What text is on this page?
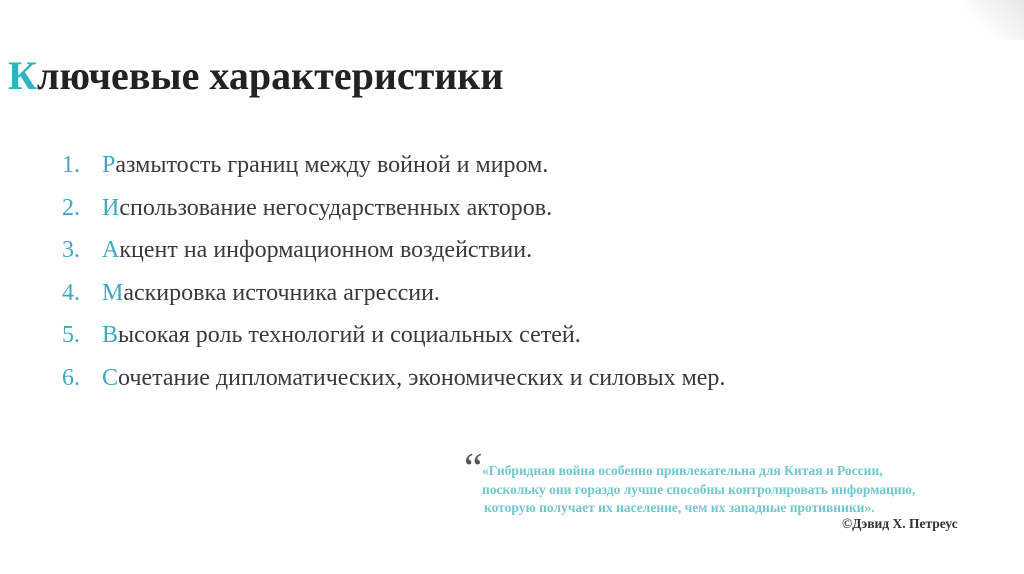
Ключевые характеристики
1. Р азмытость границ между войной и миром.
2. И спользование негосударственных акторов.
3. А кцент на информационном воздействии.
4. М аскировка источника агрессии.
5. В ысокая роль технологий и социальных сетей.
6. С очетание дипломатических, экономических и силовых мер.
“ «Гибридная война особенно привлекательна для Китая и России,
поскольку они гораздо лучше способны контролировать информацию,
которую получает их население, чем их западные противники».
©Дэвид Х. Петреус
